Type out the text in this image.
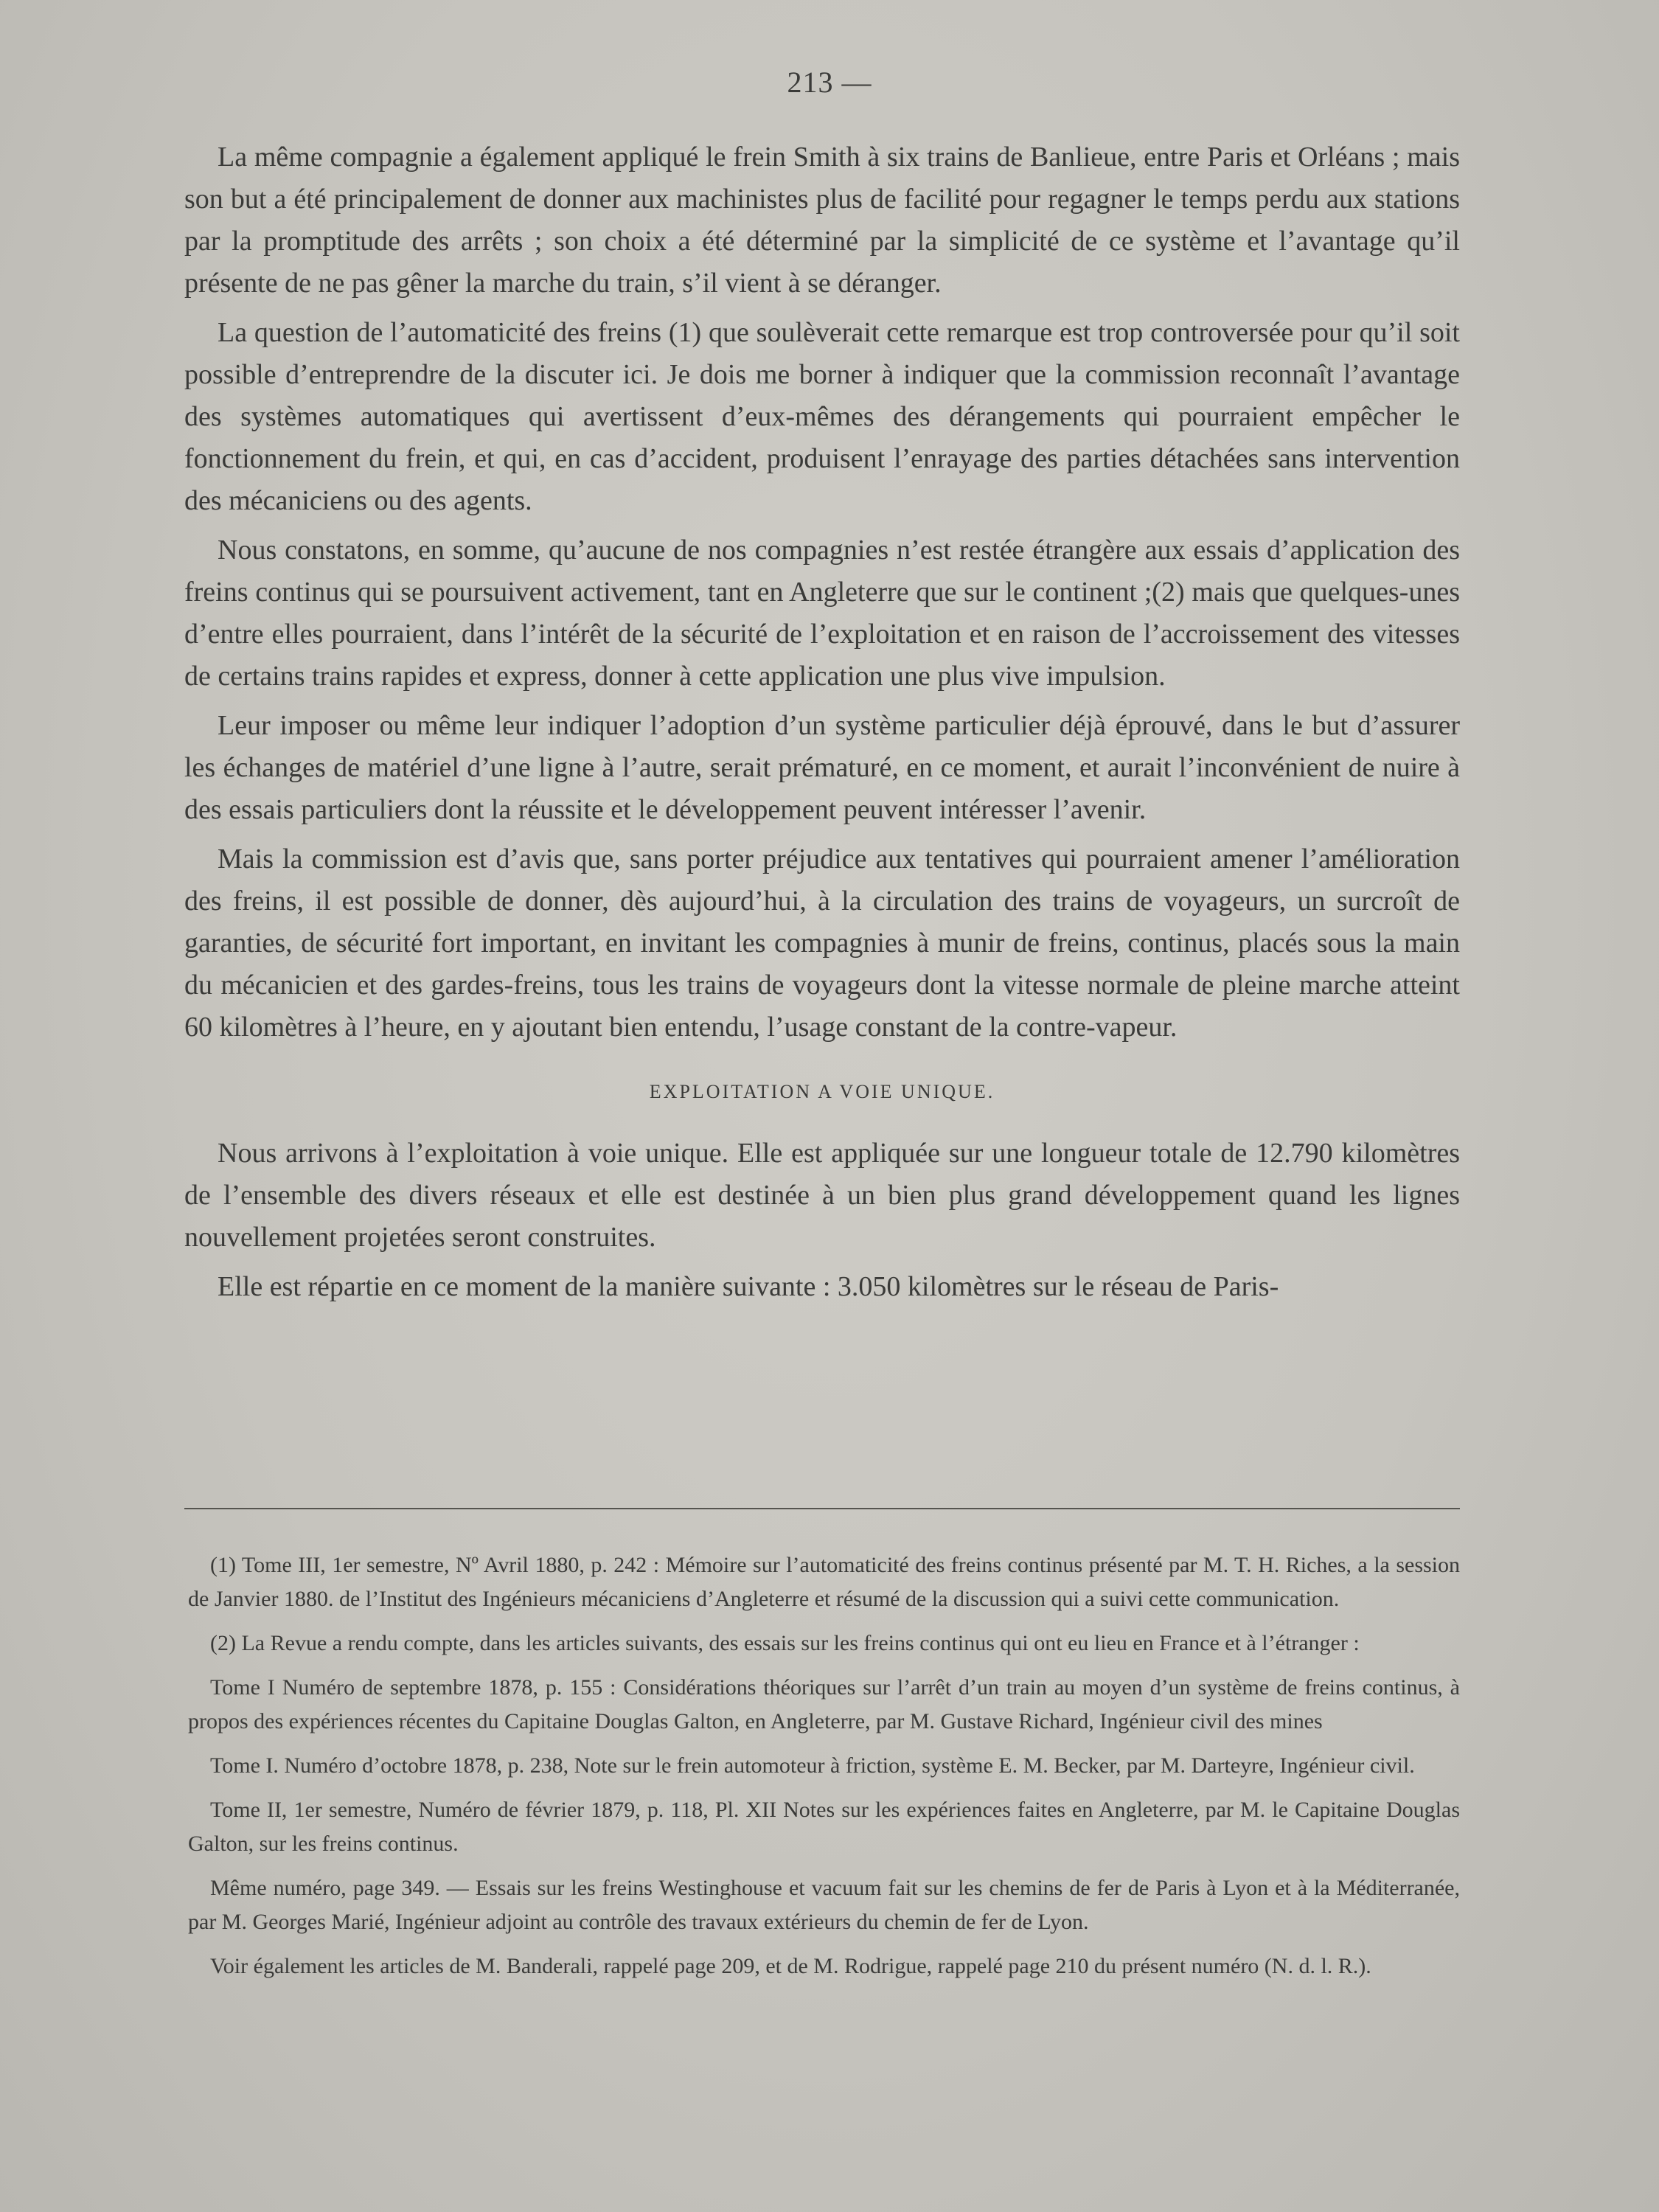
213 —

La même compagnie a également appliqué le frein Smith à six trains de Banlieue, entre Paris et Orléans ; mais son but a été principalement de donner aux machinistes plus de facilité pour regagner le temps perdu aux stations par la promptitude des arrêts ; son choix a été déterminé par la simplicité de ce système et l’avantage qu’il présente de ne pas gêner la marche du train, s’il vient à se déranger.

La question de l’automaticité des freins (1) que soulèverait cette remarque est trop controversée pour qu’il soit possible d’entreprendre de la discuter ici. Je dois me borner à indiquer que la commission reconnaît l’avantage des systèmes automatiques qui avertissent d’eux-mêmes des dérangements qui pourraient empêcher le fonctionnement du frein, et qui, en cas d’accident, produisent l’enrayage des parties détachées sans intervention des mécaniciens ou des agents.

Nous constatons, en somme, qu’aucune de nos compagnies n’est restée étrangère aux essais d’application des freins continus qui se poursuivent activement, tant en Angleterre que sur le continent ;(2) mais que quelques-unes d’entre elles pourraient, dans l’intérêt de la sécurité de l’exploitation et en raison de l’accroissement des vitesses de certains trains rapides et express, donner à cette application une plus vive impulsion.

Leur imposer ou même leur indiquer l’adoption d’un système particulier déjà éprouvé, dans le but d’assurer les échanges de matériel d’une ligne à l’autre, serait prématuré, en ce moment, et aurait l’inconvénient de nuire à des essais particuliers dont la réussite et le développement peuvent intéresser l’avenir.

Mais la commission est d’avis que, sans porter préjudice aux tentatives qui pourraient amener l’amélioration des freins, il est possible de donner, dès aujourd’hui, à la circulation des trains de voyageurs, un surcroît de garanties, de sécurité fort important, en invitant les compagnies à munir de freins, continus, placés sous la main du mécanicien et des gardes-freins, tous les trains de voyageurs dont la vitesse normale de pleine marche atteint 60 kilomètres à l’heure, en y ajoutant bien entendu, l’usage constant de la contre-vapeur.

EXPLOITATION A VOIE UNIQUE.

Nous arrivons à l’exploitation à voie unique. Elle est appliquée sur une longueur totale de 12.790 kilomètres de l’ensemble des divers réseaux et elle est destinée à un bien plus grand développement quand les lignes nouvellement projetées seront construites.

Elle est répartie en ce moment de la manière suivante : 3.050 kilomètres sur le réseau de Paris-

(1) Tome III, 1er semestre, Nº Avril 1880, p. 242 : Mémoire sur l’automaticité des freins continus présenté par M. T. H. Riches, a la session de Janvier 1880. de l’Institut des Ingénieurs mécaniciens d’Angleterre et résumé de la discussion qui a suivi cette communication.

(2) La Revue a rendu compte, dans les articles suivants, des essais sur les freins continus qui ont eu lieu en France et à l’étranger :

Tome I Numéro de septembre 1878, p. 155 : Considérations théoriques sur l’arrêt d’un train au moyen d’un système de freins continus, à propos des expériences récentes du Capitaine Douglas Galton, en Angleterre, par M. Gustave Richard, Ingénieur civil des mines

Tome I. Numéro d’octobre 1878, p. 238, Note sur le frein automoteur à friction, système E. M. Becker, par M. Darteyre, Ingénieur civil.

Tome II, 1er semestre, Numéro de février 1879, p. 118, Pl. XII Notes sur les expériences faites en Angleterre, par M. le Capitaine Douglas Galton, sur les freins continus.

Même numéro, page 349. — Essais sur les freins Westinghouse et vacuum fait sur les chemins de fer de Paris à Lyon et à la Méditerranée, par M. Georges Marié, Ingénieur adjoint au contrôle des travaux extérieurs du chemin de fer de Lyon.

Voir également les articles de M. Banderali, rappelé page 209, et de M. Rodrigue, rappelé page 210 du présent numéro (N. d. l. R.).
